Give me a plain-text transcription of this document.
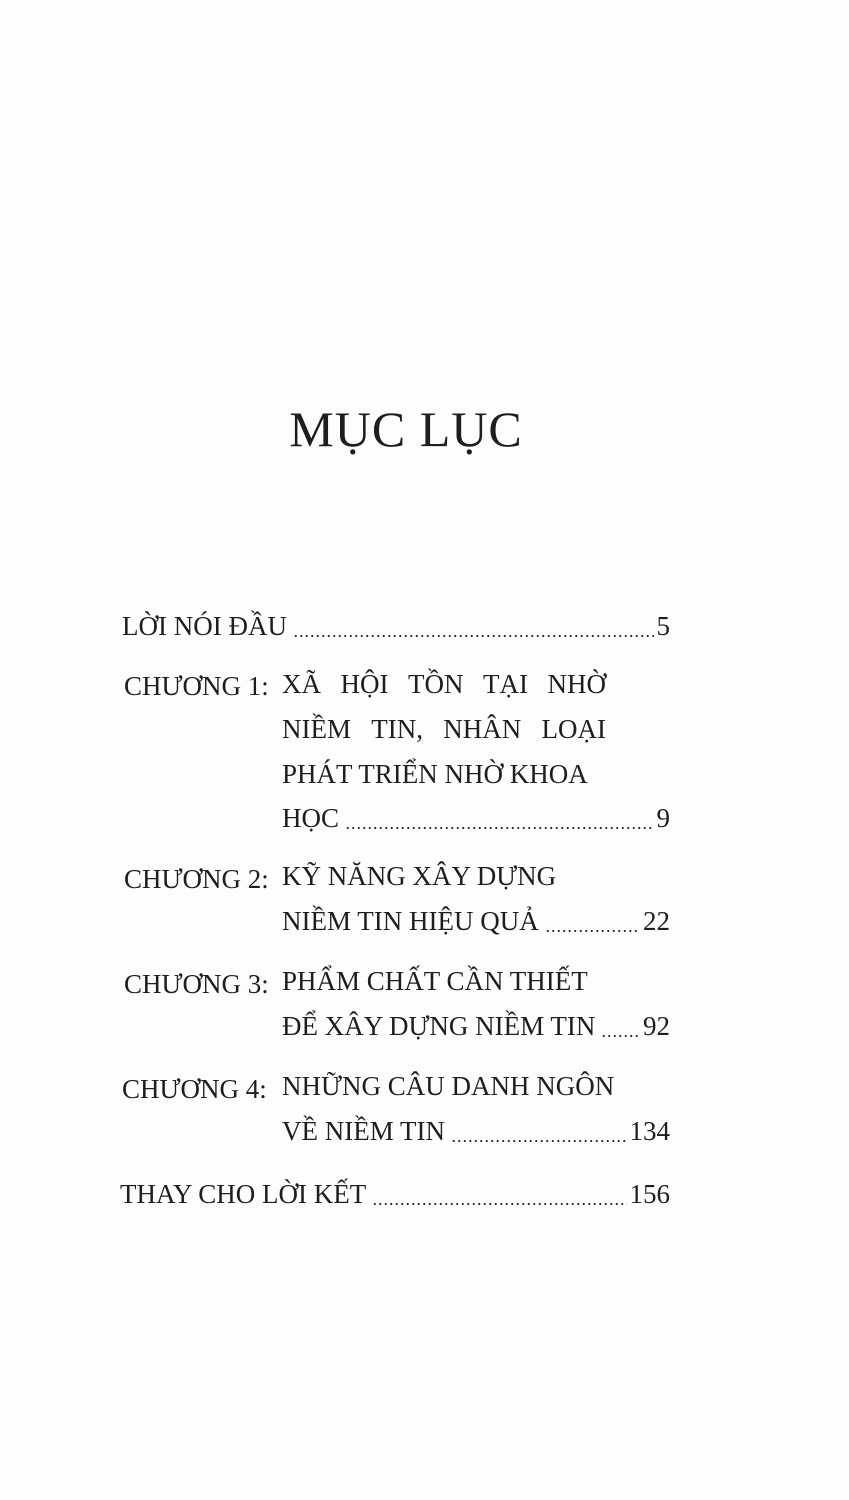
MỤC LỤC
LỜI NÓI ĐẦU	5
CHƯƠNG 1: XÃ HỘI TỒN TẠI NHỜ
NIỀM TIN, NHÂN LOẠI
PHÁT TRIỂN NHỜ KHOA
HỌC	9
CHƯƠNG 2: KỸ NĂNG XÂY DỰNG
NIỀM TIN HIỆU QUẢ	22
CHƯƠNG 3: PHẨM CHẤT CẦN THIẾT
ĐỂ XÂY DỰNG NIỀM TIN 92
CHƯƠNG 4: NHỮNG CÂU DANH NGÔN
VỀ NIỀM TIN	134
THAY CHO LỜI KẾT	156
